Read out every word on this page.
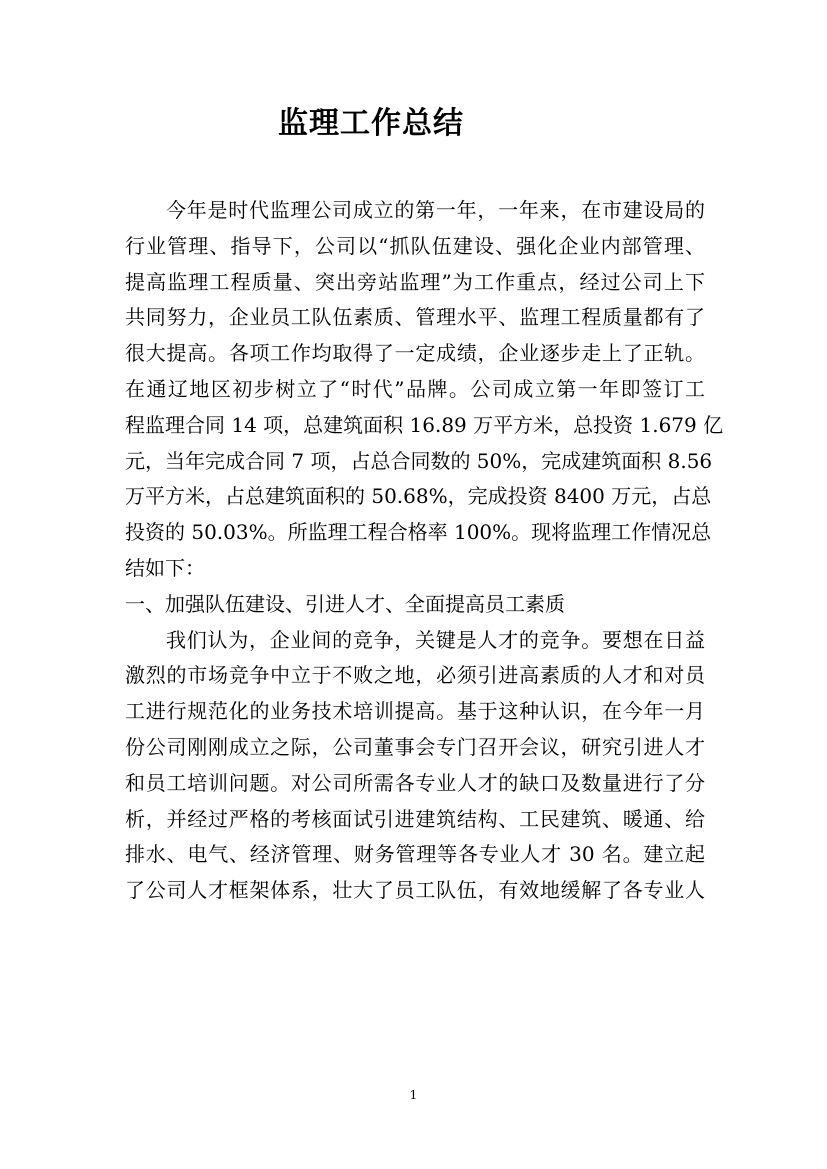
监理工作总结
今年是时代监理公司成立的第一年，一年来，在市建设局的
行业管理、指导下，公司以“抓队伍建设、强化企业内部管理、
提高监理工程质量、突出旁站监理”为工作重点，经过公司上下
共同努力，企业员工队伍素质、管理水平、监理工程质量都有了
很大提高。各项工作均取得了一定成绩，企业逐步走上了正轨。
在通辽地区初步树立了“时代”品牌。公司成立第一年即签订工
程监理合同 14 项，总建筑面积 16.89 万平方米，总投资 1.679 亿
元，当年完成合同 7 项，占总合同数的 50%，完成建筑面积 8.56
万平方米，占总建筑面积的 50.68%，完成投资 8400 万元，占总
投资的 50.03%。所监理工程合格率 100%。现将监理工作情况总
结如下：
一、加强队伍建设、引进人才、全面提高员工素质
我们认为，企业间的竞争，关键是人才的竞争。要想在日益
激烈的市场竞争中立于不败之地，必须引进高素质的人才和对员
工进行规范化的业务技术培训提高。基于这种认识，在今年一月
份公司刚刚成立之际，公司董事会专门召开会议，研究引进人才
和员工培训问题。对公司所需各专业人才的缺口及数量进行了分
析，并经过严格的考核面试引进建筑结构、工民建筑、暖通、给
排水、电气、经济管理、财务管理等各专业人才 30 名。建立起
了公司人才框架体系，壮大了员工队伍，有效地缓解了各专业人
1
